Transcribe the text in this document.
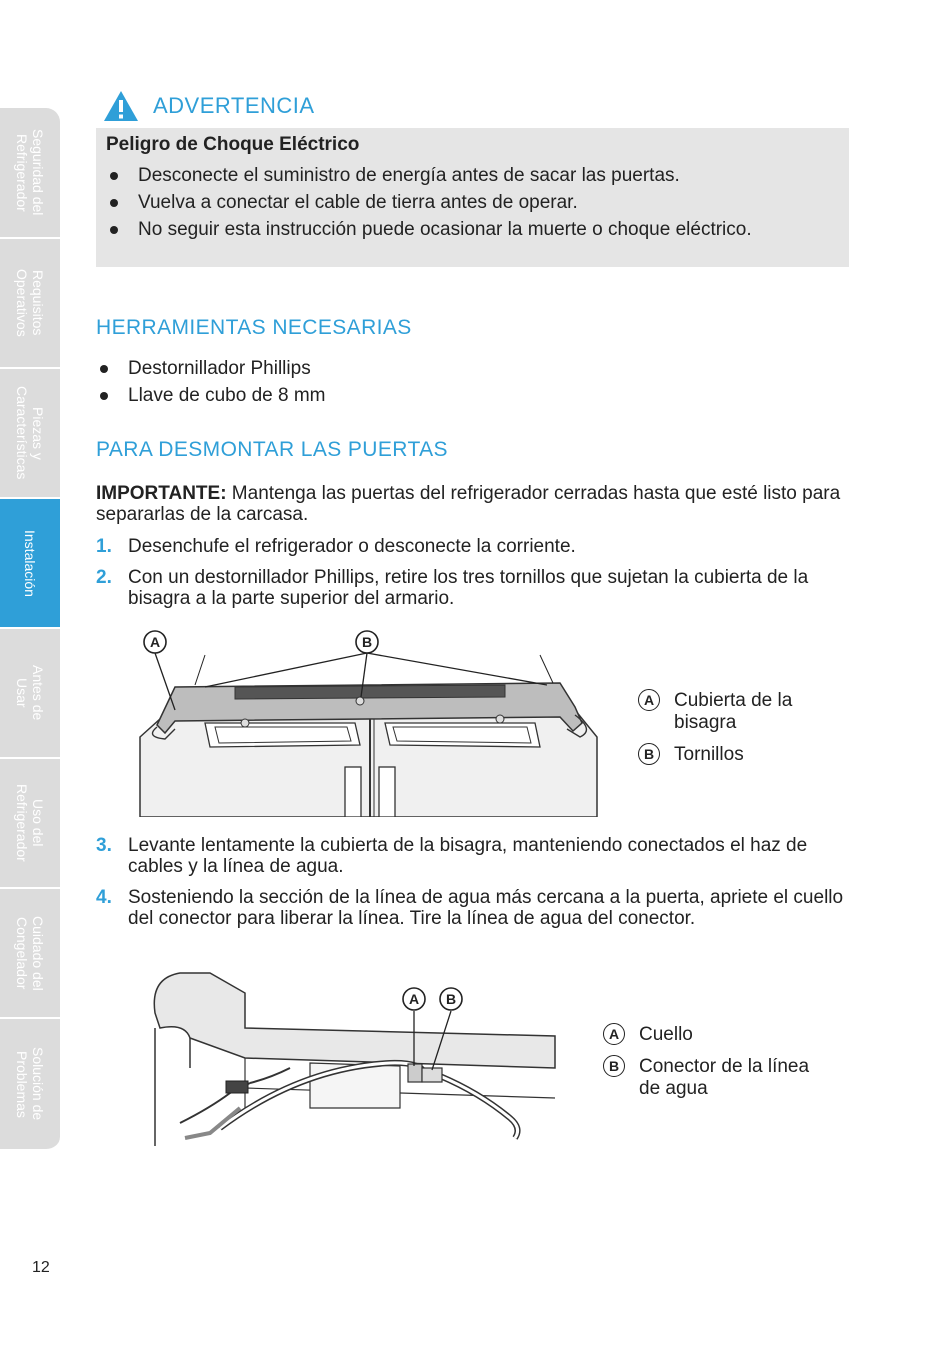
Seguridad del
Refrigerador
Requisitos
Operativos
Piezas y
Características
Instalación
Antes de
Usar
Uso del
Refrigerador
Cuidado del
Congelador
Solución de
Problemas
ADVERTENCIA
Peligro de Choque Eléctrico
Desconecte el suministro de energía antes de sacar las puertas.
Vuelva a conectar el cable de tierra antes de operar.
No seguir esta instrucción puede ocasionar la muerte o choque eléctrico.
HERRAMIENTAS NECESARIAS
Destornillador Phillips
Llave de cubo de 8 mm
PARA DESMONTAR LAS PUERTAS
IMPORTANTE: Mantenga las puertas del refrigerador cerradas hasta que esté listo para separarlas de la carcasa.
1. Desenchufe el refrigerador o desconecte la corriente.
2. Con un destornillador Phillips, retire los tres tornillos que sujetan la cubierta de la bisagra a la parte superior del armario.
A	B
A	Cubierta de la bisagra
B	Tornillos
3. Levante lentamente la cubierta de la bisagra, manteniendo conectados el haz de cables y la línea de agua.
4. Sosteniendo la sección de la línea de agua más cercana a la puerta, apriete el cuello del conector para liberar la línea. Tire la línea de agua del conector.
A B
A	Cuello
B	Conector de la línea de agua
12
